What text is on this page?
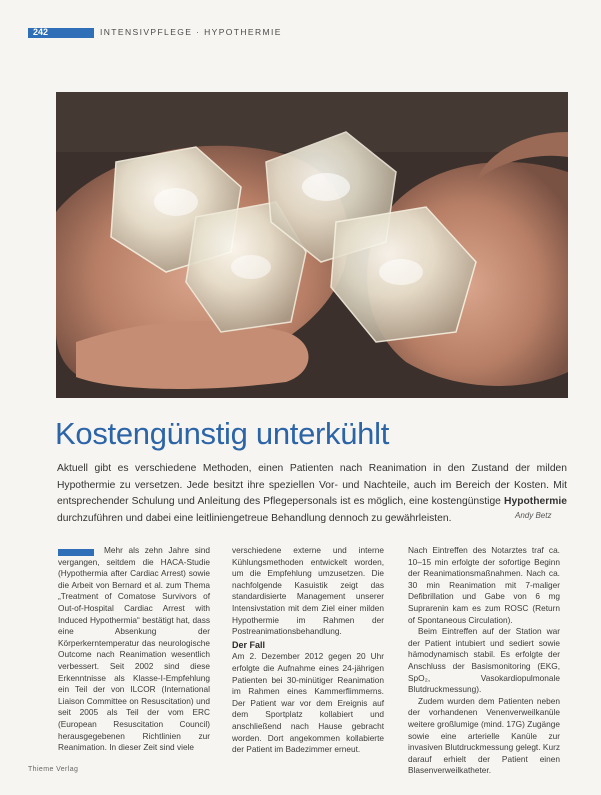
242	INTENSIVPFLEGE · HYPOTHERMIE
Kostengünstig unterkühlt
Aktuell gibt es verschiedene Methoden, einen Patienten nach Reanimation in den Zustand der milden Hypothermie zu versetzen. Jede besitzt ihre speziellen Vor- und Nachteile, auch im Bereich der Kosten. Mit entsprechender Schulung und Anleitung des Pflegepersonals ist es möglich, eine kostengünstige Hypothermie durchzuführen und dabei eine leitliniengetreue Behandlung dennoch zu gewährleisten.	Andy Betz

Mehr als zehn Jahre sind vergangen, seitdem die HACA-Studie (Hypothermia after Cardiac Arrest) sowie die Arbeit von Bernard et al. zum Thema „Treatment of Comatose Survivors of Out-of-Hospital Cardiac Arrest with Induced Hypothermia“ bestätigt hat, dass eine Absenkung der Körperkerntemperatur das neurologische Outcome nach Reanimation wesentlich verbessert. Seit 2002 sind diese Erkenntnisse als Klasse-I-Empfehlung ein Teil der von ILCOR (International Liaison Committee on Resuscitation) und seit 2005 als Teil der vom ERC (European Resuscitation Council) herausgegebenen Richtlinien zur Reanimation. In dieser Zeit sind viele

verschiedene externe und interne Kühlungsmethoden entwickelt worden, um die Empfehlung umzusetzen. Die nachfolgende Kasuistik zeigt das standardisierte Management unserer Intensivstation mit dem Ziel einer milden Hypothermie im Rahmen der Postreanimationsbehandlung.

Der Fall

Am 2. Dezember 2012 gegen 20 Uhr erfolgte die Aufnahme eines 24-jährigen Patienten bei 30-minütiger Reanimation im Rahmen eines Kammerflimmerns. Der Patient war vor dem Ereignis auf dem Sportplatz kollabiert und anschließend nach Hause gebracht worden. Dort angekommen kollabierte der Patient im Badezimmer erneut.

Nach Eintreffen des Notarztes traf ca. 10–15 min erfolgte der sofortige Beginn der Reanimationsmaßnahmen. Nach ca. 30 min Reanimation mit 7-maliger Defibrillation und Gabe von 6 mg Suprarenin kam es zum ROSC (Return of Spontaneous Circulation).

Beim Eintreffen auf der Station war der Patient intubiert und sediert sowie hämodynamisch stabil. Es erfolgte der Anschluss der Basismonitoring (EKG, SpO₂, Vasokardiopulmonale Blutdruckmessung).

Zudem wurden dem Patienten neben der vorhandenen Venenverweilkanüle weitere großlumige (mind. 17G) Zugänge sowie eine arterielle Kanüle zur invasiven Blutdruckmessung gelegt. Kurz darauf erhielt der Patient einen Blasenverweilkatheter.

Thieme Verlag
